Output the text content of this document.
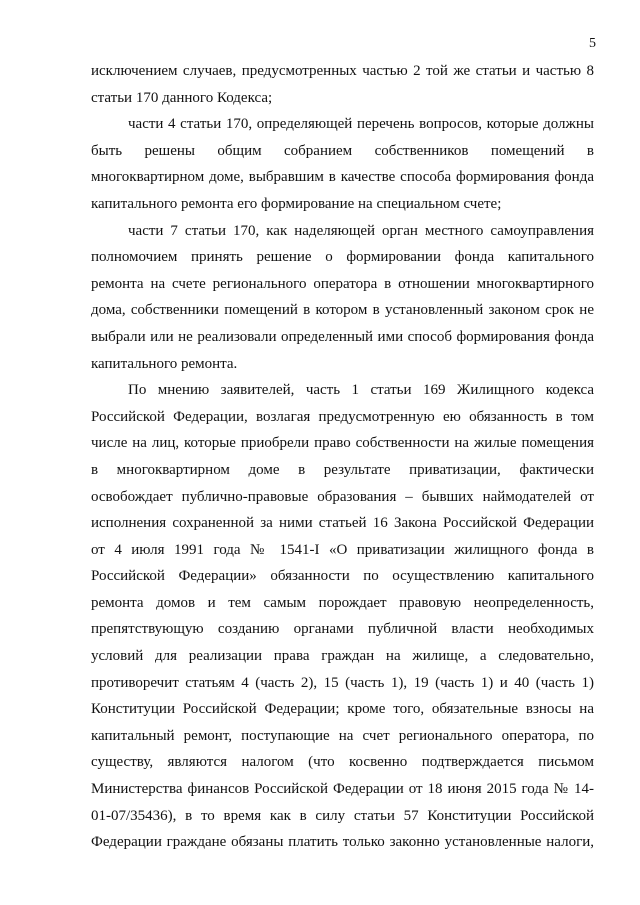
5
исключением случаев, предусмотренных частью 2 той же статьи и частью 8
статьи 170 данного Кодекса;
части 4 статьи 170, определяющей перечень вопросов, которые должны
быть решены общим собранием собственников помещений в
многоквартирном доме, выбравшим в качестве способа формирования фонда
капитального ремонта его формирование на специальном счете;
части 7 статьи 170, как наделяющей орган местного самоуправления
полномочием принять решение о формировании фонда капитального
ремонта на счете регионального оператора в отношении многоквартирного
дома, собственники помещений в котором в установленный законом срок не
выбрали или не реализовали определенный ими способ формирования фонда
капитального ремонта.
По мнению заявителей, часть 1 статьи 169 Жилищного кодекса
Российской Федерации, возлагая предусмотренную ею обязанность в том
числе на лиц, которые приобрели право собственности на жилые помещения
в многоквартирном доме в результате приватизации, фактически
освобождает публично-правовые образования – бывших наймодателей от
исполнения сохраненной за ними статьей 16 Закона Российской Федерации
от 4 июля 1991 года № 1541-I «О приватизации жилищного фонда в
Российской Федерации» обязанности по осуществлению капитального
ремонта домов и тем самым порождает правовую неопределенность,
препятствующую созданию органами публичной власти необходимых
условий для реализации права граждан на жилище, а следовательно,
противоречит статьям 4 (часть 2), 15 (часть 1), 19 (часть 1) и 40 (часть 1)
Конституции Российской Федерации; кроме того, обязательные взносы на
капитальный ремонт, поступающие на счет регионального оператора, по
существу, являются налогом (что косвенно подтверждается письмом
Министерства финансов Российской Федерации от 18 июня 2015 года № 14-
01-07/35436), в то время как в силу статьи 57 Конституции Российской
Федерации граждане обязаны платить только законно установленные налоги,
